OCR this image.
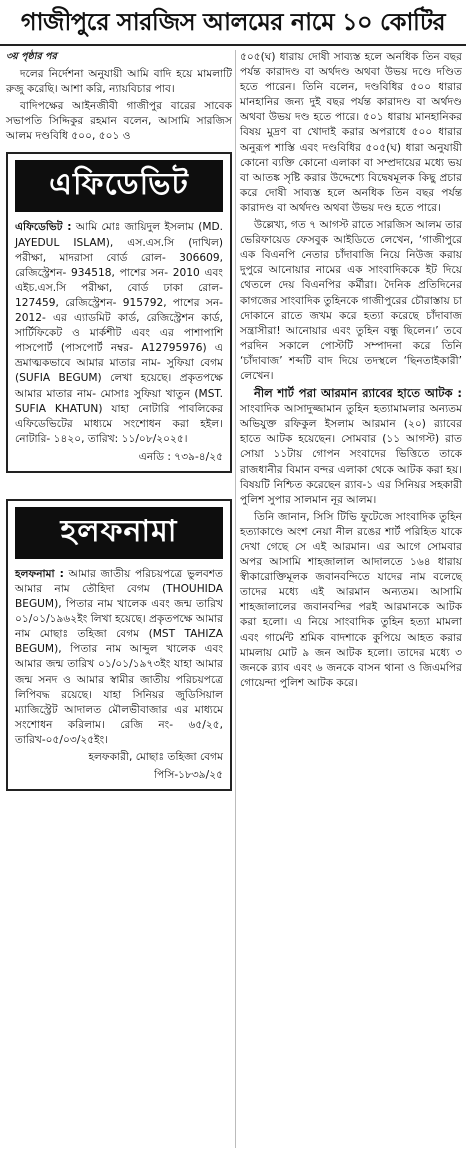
গাজীপুরে সারজিস আলমের নামে ১০ কোটির
৩য় পৃষ্ঠার পর

দলের নির্দেশনা অনুযায়ী আমি বাদি হয়ে মামলাটি রুজু করেছি। আশা করি, ন্যায়বিচার পাব।

বাদিপক্ষের আইনজীবী গাজীপুর বারের সাবেক সভাপতি সিদ্দিকুর রহমান বলেন, আসামি সারজিস আলম দণ্ডবিধি ৫০০, ৫০১ ও

এফিডেভিট

এফিডেভিট : আমি মোঃ জায়িদুল ইসলাম (MD. JAYEDUL ISLAM), এস.এস.সি (দাখিল) পরীক্ষা, মাদরাসা বোর্ড রোল- 306609, রেজিস্ট্রেশন- 934518, পাশের সন- 2010 এবং এইচ.এস.সি পরীক্ষা, বোর্ড ঢাকা রোল- 127459, রেজিস্ট্রেশন- 915792, পাশের সন- 2012- এর এ্যাডমিট কার্ড, রেজিস্ট্রেশন কার্ড, সার্টিফিকেট ও মার্কশীট এবং এর পাশাপাশি পাসপোর্ট (পাসপোর্ট নম্বর- A12795976) এ ভ্রমাত্মকভাবে আমার মাতার নাম- সুফিয়া বেগম (SUFIA BEGUM) লেখা হয়েছে। প্রকৃতপক্ষে আমার মাতার নাম- মোসাঃ সুফিয়া খাতুন (MST. SUFIA KHATUN) যাহা নোটারি পাবলিকের এফিডেভিটের মাধ্যমে সংশোধন করা হইল। নোটারি- ১৪২০, তারিখ: ১১/০৮/২০২৫।

এনডি : ৭৩৯-৪/২৫
হলফনামা

হলফনামা : আমার জাতীয় পরিচয়পত্রে ভুলবশত আমার নাম তৌহিদা বেগম (THOUHIDA BEGUM), পিতার নাম খালেক এবং জন্ম তারিখ ০১/০১/১৯৬২ইং লিখা হয়েছে। প্রকৃতপক্ষে আমার নাম মোছাঃ তহিজা বেগম (MST TAHIZA BEGUM), পিতার নাম আব্দুল খালেক এবং আমার জন্ম তারিখ ০১/০১/১৯৭৩ইং যাহা আমার জন্ম সনদ ও আমার স্বামীর জাতীয় পরিচয়পত্রে লিপিবদ্ধ রয়েছে। যাহা সিনিয়র জুডিসিয়াল ম্যাজিস্ট্রেট আদালত মৌলভীবাজার এর মাধ্যমে সংশোধন করিলাম। রেজি নং- ৬৫/২৫, তারিখ-০৫/০৩/২৫ইং।

হলফকারী, মোছাঃ তহিজা বেগম
পিসি-১৮৩৯/২৫

৫০৫(ঘ) ধারায় দোষী সাব্যস্ত হলে অনধিক তিন বছর পর্যন্ত কারাদণ্ড বা অর্থদণ্ড অথবা উভয় দণ্ডে দণ্ডিত হতে পারেন। তিনি বলেন, দণ্ডবিধির ৫০০ ধারার মানহানির জন্য দুই বছর পর্যন্ত কারাদণ্ড বা অর্থদণ্ড অথবা উভয় দণ্ড হতে পারে। ৫০১ ধারায় মানহানিকর বিষয় মুদ্রণ বা খোদাই করার অপরাধে ৫০০ ধারার অনুরূপ শাস্তি এবং দণ্ডবিধির ৫০৫(ঘ) ধারা অনুযায়ী কোনো ব্যক্তি কোনো এলাকা বা সম্প্রদায়ের মধ্যে ভয় বা আতঙ্ক সৃষ্টি করার উদ্দেশ্যে বিদ্বেষমূলক কিছু প্রচার করে দোষী সাব্যস্ত হলে অনধিক তিন বছর পর্যন্ত কারাদণ্ড বা অর্থদণ্ড অথবা উভয় দণ্ড হতে পারে।

উল্লেখ্য, গত ৭ আগস্ট রাতে সারজিস আলম তার ভেরিফায়েড ফেসবুক আইডিতে লেখেন, ‘গাজীপুরে এক বিএনপি নেতার চাঁদাবাজি নিয়ে নিউজ করায় দুপুরে আনোয়ার নামের এক সাংবাদিককে ইট দিয়ে থেতলে দেয় বিএনপির কর্মীরা। দৈনিক প্রতিদিনের কাগজের সাংবাদিক তুহিনকে গাজীপুরের চৌরাস্তায় চা দোকানে রাতে জখম করে হত্যা করেছে চাঁদাবাজ সন্ত্রাসীরা! আনোয়ার এবং তুহিন বন্ধু ছিলেন।’ তবে পরদিন সকালে পোস্টটি সম্পাদনা করে তিনি ‘চাঁদাবাজ’ শব্দটি বাদ দিয়ে তদস্থলে ‘ছিনতাইকারী’ লেখেন।

নীল শার্ট পরা আরমান র‍্যাবের হাতে আটক : সাংবাদিক আসাদুজ্জামান তুহিন হত্যামামলার অন্যতম অভিযুক্ত রফিকুল ইসলাম আরমান (২০) র‍্যাবের হাতে আটক হয়েছেন। সোমবার (১১ আগস্ট) রাত সোয়া ১১টায় গোপন সংবাদের ভিত্তিতে তাকে রাজধানীর বিমান বন্দর এলাকা থেকে আটক করা হয়। বিষয়টি নিশ্চিত করেছেন র‍্যাব-১ এর সিনিয়র সহকারী পুলিশ সুপার সালমান নূর আলম।

তিনি জানান, সিসি টিভি ফুটেজে সাংবাদিক তুহিন হত্যাকাণ্ডে অংশ নেয়া নীল রঙের শার্ট পরিহিত যাকে দেখা গেছে সে এই আরমান। এর আগে সোমবার অপর আসামি শাহজালাল আদালতে ১৬৪ ধারায় স্বীকারোক্তিমূলক জবানবন্দিতে যাদের নাম বলেছে তাদের মধ্যে এই আরমান অন্যতম। আসামি শাহজালালের জবানবন্দির পরই আরমানকে আটক করা হলো। এ নিয়ে সাংবাদিক তুহিন হত্যা মামলা এবং গার্মেন্ট শ্রমিক বাদশাকে কুপিয়ে আহত করার মামলায় মোট ৯ জন আটক হলো। তাদের মধ্যে ৩ জনকে র‍্যাব এবং ৬ জনকে বাসন থানা ও জিএমপির গোয়েন্দা পুলিশ আটক করে।
